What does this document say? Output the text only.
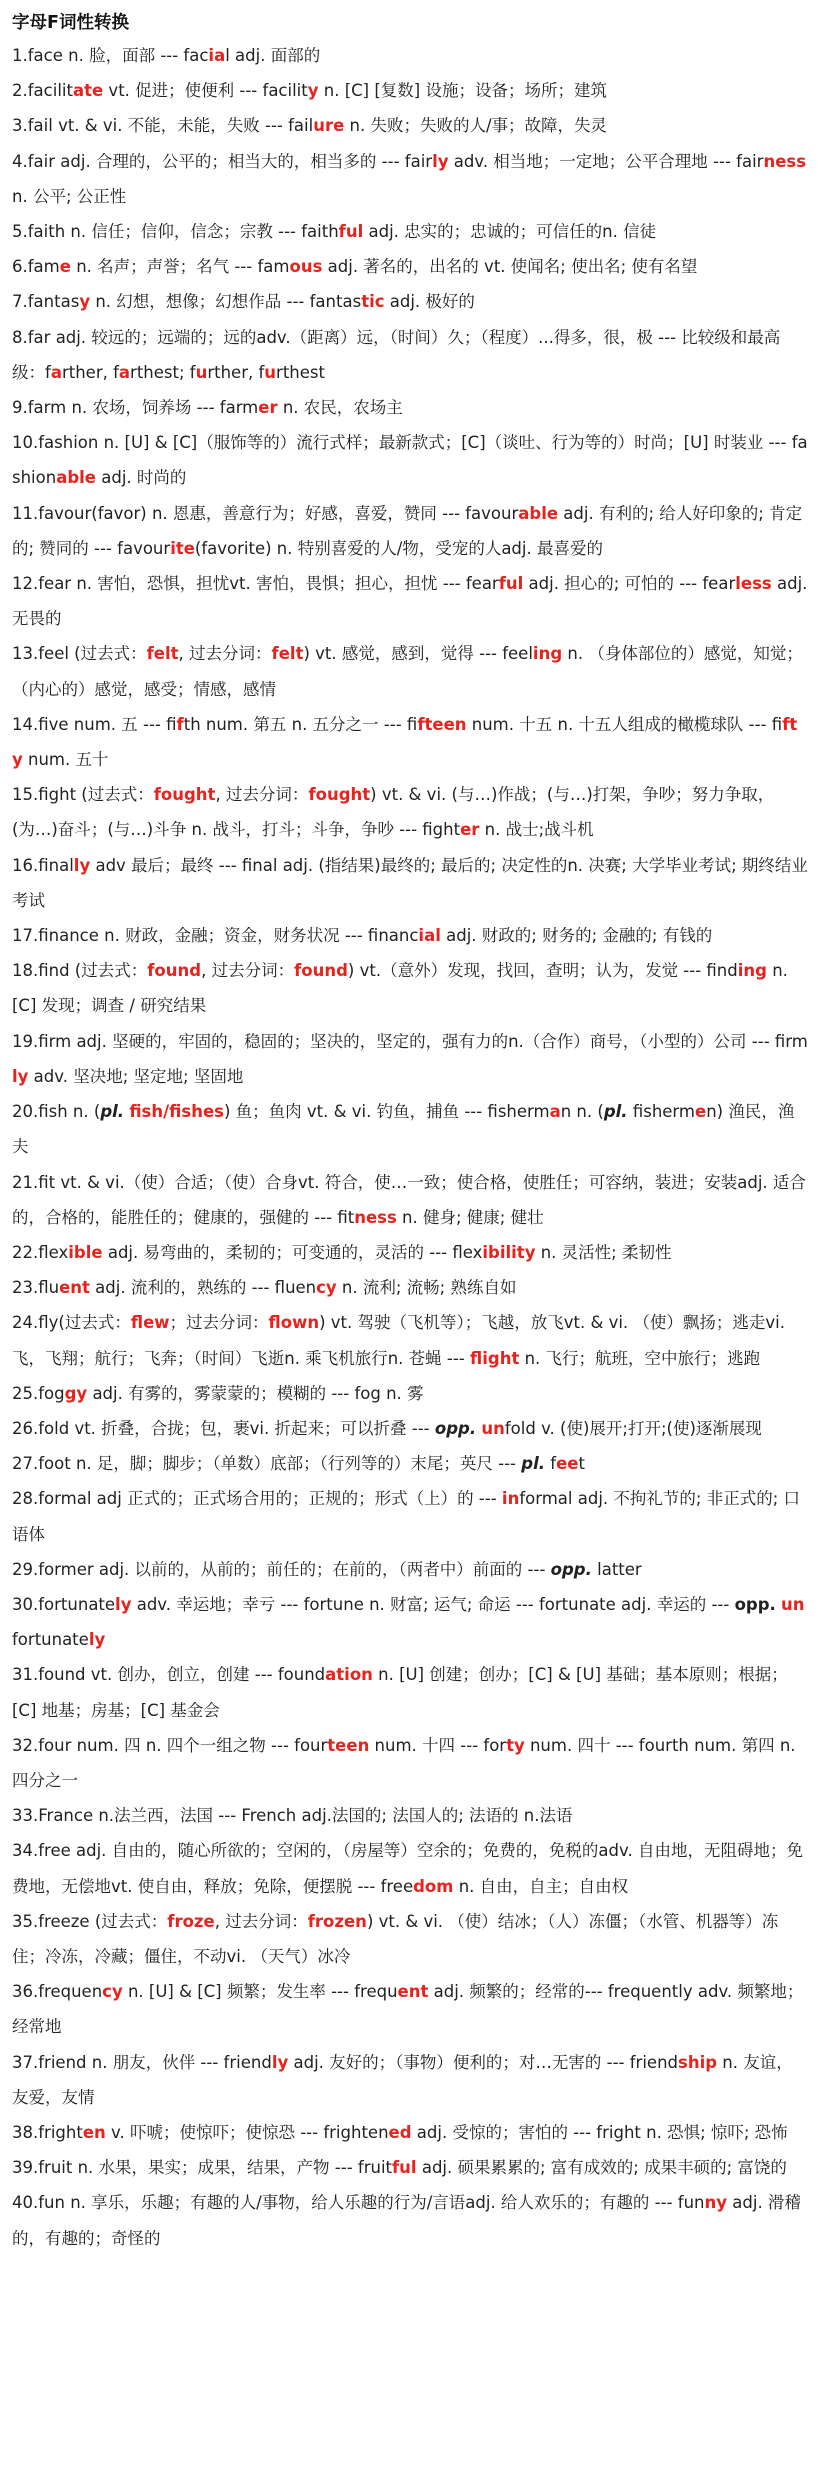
字母F词性转换

1.face n. 脸，面部 --- facial adj. 面部的

2.facilitate vt. 促进；使便利 --- facility n. [C] [复数] 设施；设备；场所；建筑

3.fail vt. & vi. 不能，未能，失败 --- failure n. 失败；失败的人/事；故障，失灵

4.fair adj. 合理的，公平的；相当大的，相当多的 --- fairly adv. 相当地；一定地；公平合理地 --- fairness n. 公平; 公正性

5.faith n. 信任；信仰，信念；宗教 --- faithful adj. 忠实的；忠诚的；可信任的n. 信徒

6.fame n. 名声；声誉；名气 --- famous adj. 著名的，出名的 vt. 使闻名; 使出名; 使有名望

7.fantasy n. 幻想，想像；幻想作品 --- fantastic adj. 极好的

8.far adj. 较远的；远端的；远的adv.（距离）远，（时间）久；（程度）...得多，很，极 --- 比较级和最高级：farther, farthest; further, furthest

9.farm n. 农场，饲养场 --- farmer n. 农民，农场主

10.fashion n. [U] & [C]（服饰等的）流行式样；最新款式；[C]（谈吐、行为等的）时尚；[U] 时装业 --- fashionable adj. 时尚的

11.favour(favor) n. 恩惠，善意行为；好感，喜爱，赞同 --- favourable adj. 有利的; 给人好印象的; 肯定的; 赞同的 --- favourite(favorite) n. 特别喜爱的人/物，受宠的人adj. 最喜爱的

12.fear n. 害怕，恐惧，担忧vt. 害怕，畏惧；担心，担忧 --- fearful adj. 担心的; 可怕的 --- fearless adj. 无畏的

13.feel (过去式：felt, 过去分词：felt) vt. 感觉，感到，觉得 --- feeling n. （身体部位的）感觉，知觉；（内心的）感觉，感受；情感，感情

14.five num. 五 --- fifth num. 第五 n. 五分之一 --- fifteen num. 十五 n. 十五人组成的橄榄球队 --- fifty num. 五十

15.fight (过去式：fought, 过去分词：fought) vt. & vi. (与…)作战；(与…)打架，争吵；努力争取，(为…)奋斗；(与…)斗争 n. 战斗，打斗；斗争，争吵 --- fighter n. 战士;战斗机

16.finally adv 最后；最终 --- final adj. (指结果)最终的; 最后的; 决定性的n. 决赛; 大学毕业考试; 期终结业考试

17.finance n. 财政，金融；资金，财务状况 --- financial adj. 财政的; 财务的; 金融的; 有钱的

18.find (过去式：found, 过去分词：found) vt.（意外）发现，找回，查明；认为，发觉 --- finding n. [C] 发现；调查 / 研究结果

19.firm adj. 坚硬的，牢固的，稳固的；坚决的，坚定的，强有力的n.（合作）商号，（小型的）公司 --- firmly adv. 坚决地; 坚定地; 坚固地

20.fish n. (pl. fish/fishes) 鱼；鱼肉 vt. & vi. 钓鱼，捕鱼 --- fisherman n. (pl. fishermen) 渔民，渔夫

21.fit vt. & vi.（使）合适；（使）合身vt. 符合，使…一致；使合格，使胜任；可容纳，装进；安装adj. 适合的，合格的，能胜任的；健康的，强健的 --- fitness n. 健身; 健康; 健壮

22.flexible adj. 易弯曲的，柔韧的；可变通的，灵活的 --- flexibility n. 灵活性; 柔韧性

23.fluent adj. 流利的，熟练的 --- fluency n. 流利; 流畅; 熟练自如

24.fly(过去式：flew；过去分词：flown) vt. 驾驶（飞机等）；飞越，放飞vt. & vi. （使）飘扬；逃走vi. 飞，飞翔；航行；飞奔；（时间）飞逝n. 乘飞机旅行n. 苍蝇 --- flight n. 飞行；航班，空中旅行；逃跑

25.foggy adj. 有雾的，雾蒙蒙的；模糊的 --- fog n. 雾

26.fold vt. 折叠，合拢；包，裹vi. 折起来；可以折叠 --- opp. unfold v. (使)展开;打开;(使)逐渐展现

27.foot n. 足，脚；脚步；（单数）底部；（行列等的）末尾；英尺 --- pl. feet

28.formal adj 正式的；正式场合用的；正规的；形式（上）的 --- informal adj. 不拘礼节的; 非正式的; 口语体

29.former adj. 以前的，从前的；前任的；在前的，（两者中）前面的 --- opp. latter

30.fortunately adv. 幸运地；幸亏 --- fortune n. 财富; 运气; 命运 --- fortunate adj. 幸运的 --- opp. unfortunately

31.found vt. 创办，创立，创建 --- foundation n. [U] 创建；创办；[C] & [U] 基础；基本原则；根据；[C] 地基；房基；[C] 基金会

32.four num. 四 n. 四个一组之物 --- fourteen num. 十四 --- forty num. 四十 --- fourth num. 第四 n. 四分之一

33.France n.法兰西，法国 --- French adj.法国的; 法国人的; 法语的 n.法语

34.free adj. 自由的，随心所欲的；空闲的，（房屋等）空余的；免费的，免税的adv. 自由地，无阻碍地；免费地，无偿地vt. 使自由，释放；免除，便摆脱 --- freedom n. 自由，自主；自由权

35.freeze (过去式：froze, 过去分词：frozen) vt. & vi. （使）结冰；（人）冻僵；（水管、机器等）冻住；冷冻，冷藏；僵住，不动vi. （天气）冰冷

36.frequency n. [U] & [C] 频繁；发生率 --- frequent adj. 频繁的；经常的--- frequently adv. 频繁地；经常地

37.friend n. 朋友，伙伴 --- friendly adj. 友好的；（事物）便利的；对…无害的 --- friendship n. 友谊，友爱，友情

38.frighten v. 吓唬；使惊吓；使惊恐 --- frightened adj. 受惊的；害怕的 --- fright n. 恐惧; 惊吓; 恐怖

39.fruit n. 水果，果实；成果，结果，产物 --- fruitful adj. 硕果累累的; 富有成效的; 成果丰硕的; 富饶的

40.fun n. 享乐，乐趣；有趣的人/事物，给人乐趣的行为/言语adj. 给人欢乐的；有趣的 --- funny adj. 滑稽的，有趣的；奇怪的
